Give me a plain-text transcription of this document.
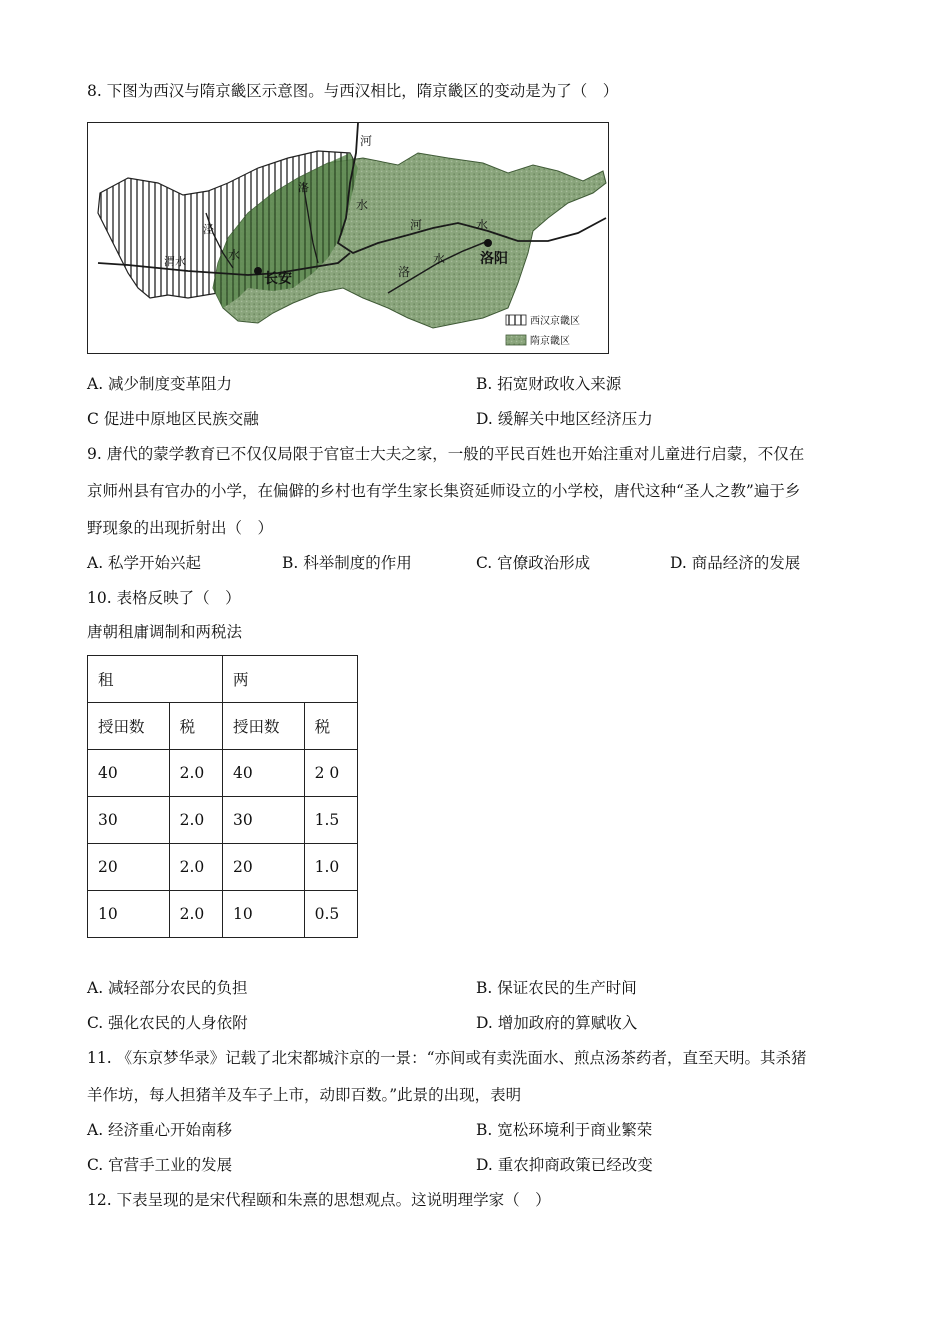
8. 下图为西汉与隋京畿区示意图。与西汉相比，隋京畿区的变动是为了（　）
河
洛
泾
渭水
水
水
河	水
洛
水
长安
洛阳
西汉京畿区
隋京畿区
A. 减少制度变革阻力	B. 拓宽财政收入来源
C 促进中原地区民族交融	D. 缓解关中地区经济压力
9. 唐代的蒙学教育已不仅仅局限于官宦士大夫之家，一般的平民百姓也开始注重对儿童进行启蒙，不仅在
京师州县有官办的小学，在偏僻的乡村也有学生家长集资延师设立的小学校，唐代这种“圣人之教”遍于乡
野现象的出现折射出（　）
A. 私学开始兴起	B. 科举制度的作用	C. 官僚政治形成	D. 商品经济的发展
10. 表格反映了（　）
唐朝租庸调制和两税法
租		两	
授田数	税	授田数	税
40	2.0	40	2 0
30	2.0	30	1.5
20	2.0	20	1.0
10	2.0	10	0.5
A. 减轻部分农民的负担	B. 保证农民的生产时间
C. 强化农民的人身依附	D. 增加政府的算赋收入
11. 《东京梦华录》记载了北宋都城汴京的一景：“亦间或有卖洗面水、煎点汤茶药者，直至天明。其杀猪
羊作坊，每人担猪羊及车子上市，动即百数。”此景的出现，表明
A. 经济重心开始南移	B. 宽松环境利于商业繁荣
C. 官营手工业的发展	D. 重农抑商政策已经改变
12. 下表呈现的是宋代程颐和朱熹的思想观点。这说明理学家（　）
